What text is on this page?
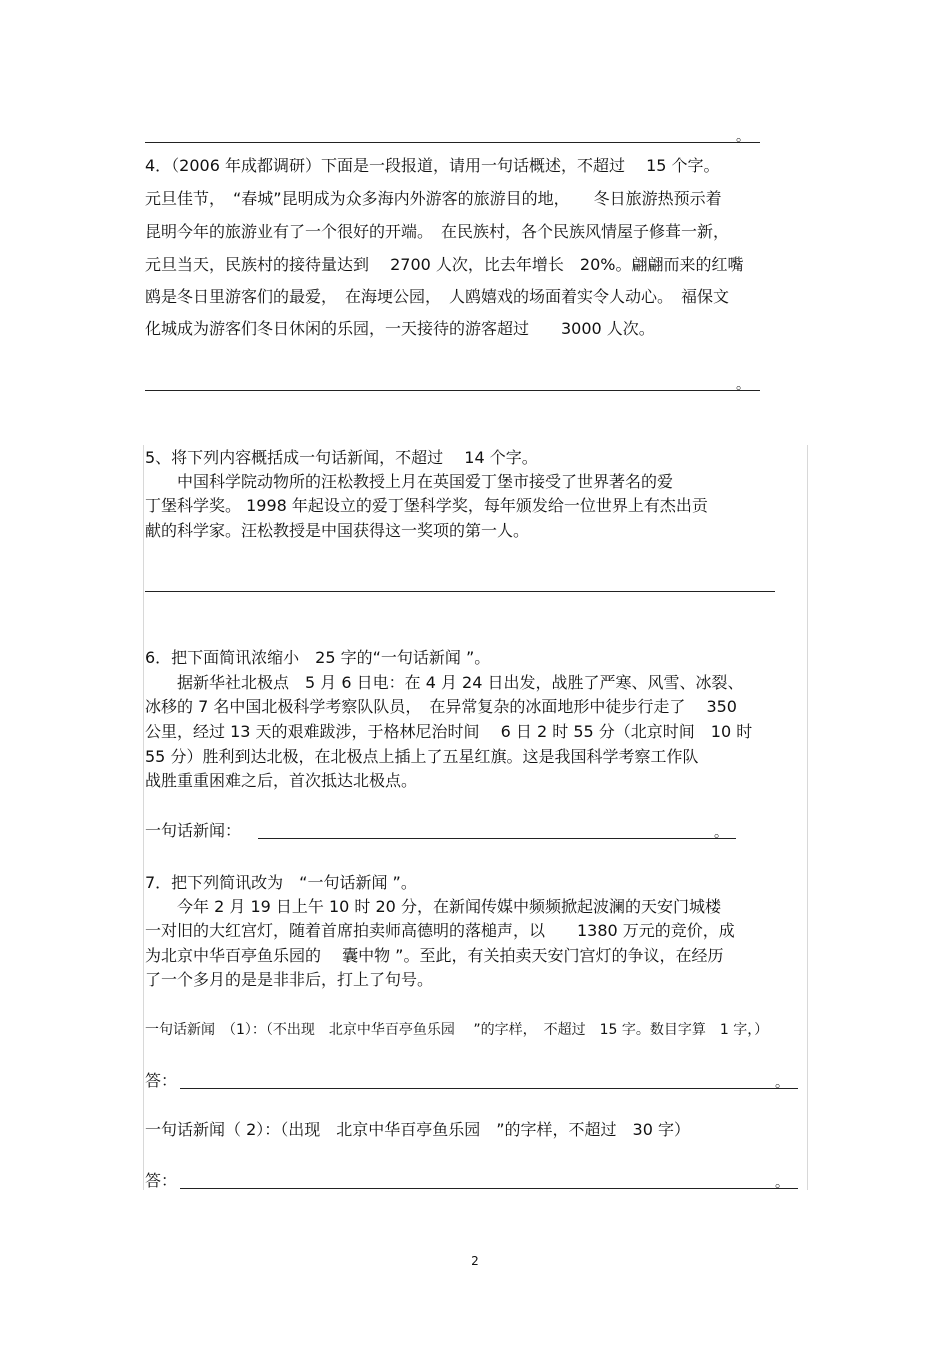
。
4．（2006 年成都调研）下面是一段报道，请用一句话概述，不超过　 15 个字。
元旦佳节，　“春城”昆明成为众多海内外游客的旅游目的地，　　冬日旅游热预示着
昆明今年的旅游业有了一个很好的开端。　在民族村，各个民族风情屋子修葺一新，
元旦当天，民族村的接待量达到　 2700 人次，比去年增长　20%。翩翩而来的红嘴
鸥是冬日里游客们的最爱，　在海埂公园，　人鸥嬉戏的场面着实令人动心。　福保文
化城成为游客们冬日休闲的乐园，一天接待的游客超过　　3000 人次。
。
5、将下列内容概括成一句话新闻，不超过　 14 个字。
　　中国科学院动物所的汪松教授上月在英国爱丁堡市接受了世界著名的爱
丁堡科学奖。 1998 年起设立的爱丁堡科学奖，每年颁发给一位世界上有杰出贡
献的科学家。汪松教授是中国获得这一奖项的第一人。
6．把下面简讯浓缩小　25 字的“一句话新闻 ”。
　　据新华社北极点　5 月 6 日电：在 4 月 24 日出发，战胜了严寒、风雪、冰裂、
冰移的 7 名中国北极科学考察队队员，　在异常复杂的冰面地形中徒步行走了　 350
公里，经过 13 天的艰难跋涉，于格林尼治时间　 6 日 2 时 55 分（北京时间　10 时
55 分）胜利到达北极，在北极点上插上了五星红旗。这是我国科学考察工作队
战胜重重困难之后，首次抵达北极点。
一句话新闻：	。
7．把下列简讯改为　“一句话新闻 ”。
　　今年 2 月 19 日上午 10 时 20 分，在新闻传媒中频频掀起波澜的天安门城楼
一对旧的大红宫灯，随着首席拍卖师高德明的落槌声，以　　1380 万元的竞价，成
为北京中华百亭鱼乐园的　 囊中物 ”。至此，有关拍卖天安门宫灯的争议，在经历
了一个多月的是是非非后，打上了句号。
一句话新闻　（1）：（不出现　北京中华百亭鱼乐园　 ”的字样，　不超过　15 字。数目字算　1 字，）
答：	。
一句话新闻（ 2）：（出现　北京中华百亭鱼乐园　”的字样，不超过　30 字）
答：	。
2
